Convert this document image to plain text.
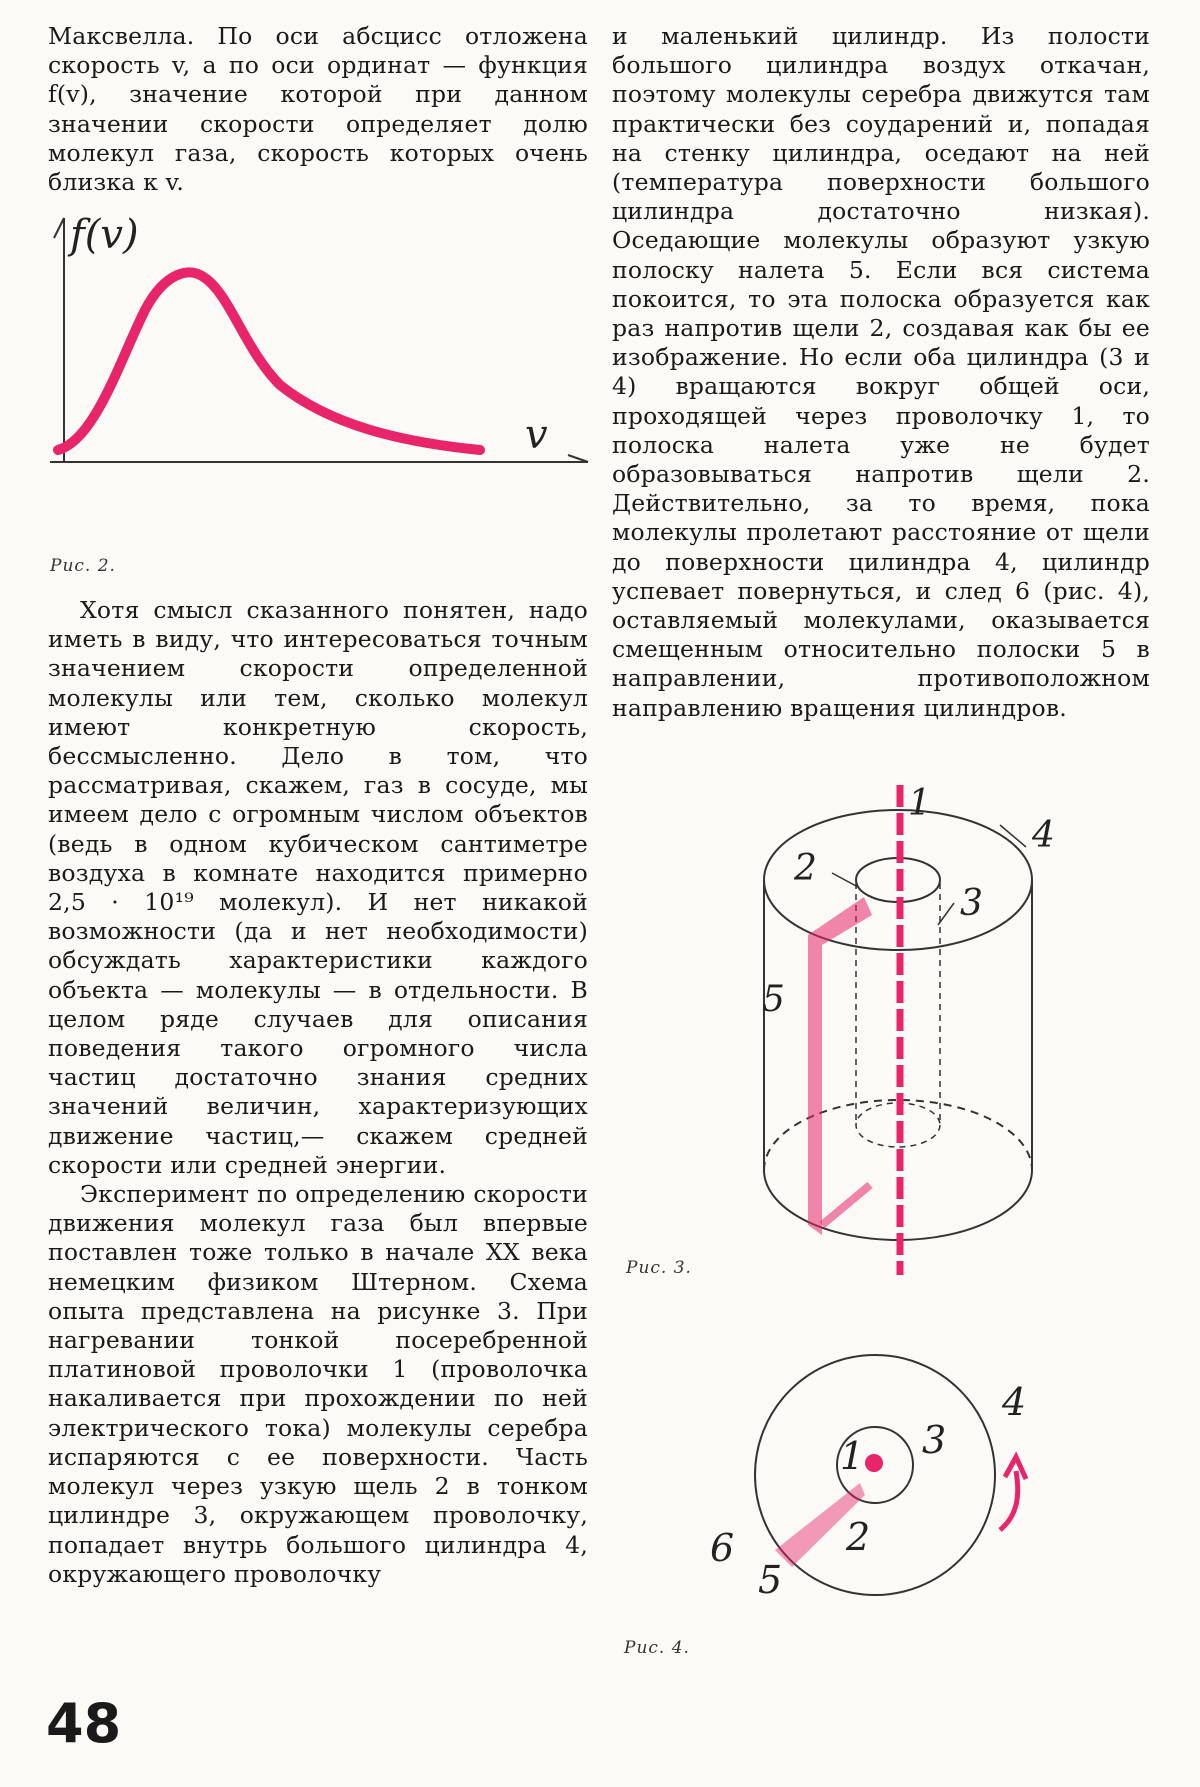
Максвелла. По оси абсцисс отложена скорость v, а по оси ординат — функция f(v), значение которой при данном значении скорости определяет долю молекул газа, скорость которых очень близка к v.

f(v)
v
Рис. 2.

Хотя смысл сказанного понятен, надо иметь в виду, что интересоваться точным значением скорости определенной молекулы или тем, сколько молекул имеют конкретную скорость, бессмысленно. Дело в том, что рассматривая, скажем, газ в сосуде, мы имеем дело с огромным числом объектов (ведь в одном кубическом сантиметре воздуха в комнате находится примерно 2,5 · 10¹⁹ молекул). И нет никакой возможности (да и нет необходимости) обсуждать характеристики каждого объекта — молекулы — в отдельности. В целом ряде случаев для описания поведения такого огромного числа частиц достаточно знания средних значений величин, характеризующих движение частиц,— скажем средней скорости или средней энергии.

Эксперимент по определению скорости движения молекул газа был впервые поставлен тоже только в начале XX века немецким физиком Штерном. Схема опыта представлена на рисунке 3. При нагревании тонкой посеребренной платиновой проволочки 1 (проволочка накаливается при прохождении по ней электрического тока) молекулы серебра испаряются с ее поверхности. Часть молекул через узкую щель 2 в тонком цилиндре 3, окружающем проволочку, попадает внутрь большого цилиндра 4, окружающего проволочку

и маленький цилиндр. Из полости большого цилиндра воздух откачан, поэтому молекулы серебра движутся там практически без соударений и, попадая на стенку цилиндра, оседают на ней (температура поверхности большого цилиндра достаточно низкая). Оседающие молекулы образуют узкую полоску налета 5. Если вся система покоится, то эта полоска образуется как раз напротив щели 2, создавая как бы ее изображение. Но если оба цилиндра (3 и 4) вращаются вокруг общей оси, проходящей через проволочку 1, то полоска налета уже не будет образовываться напротив щели 2. Действительно, за то время, пока молекулы пролетают расстояние от щели до поверхности цилиндра 4, цилиндр успевает повернуться, и след 6 (рис. 4), оставляемый молекулами, оказывается смещенным относительно полоски 5 в направлении, противоположном направлению вращения цилиндров.

1
2
3
4
5
Рис. 3.
1
2
3
4
5
6
Рис. 4.
48
